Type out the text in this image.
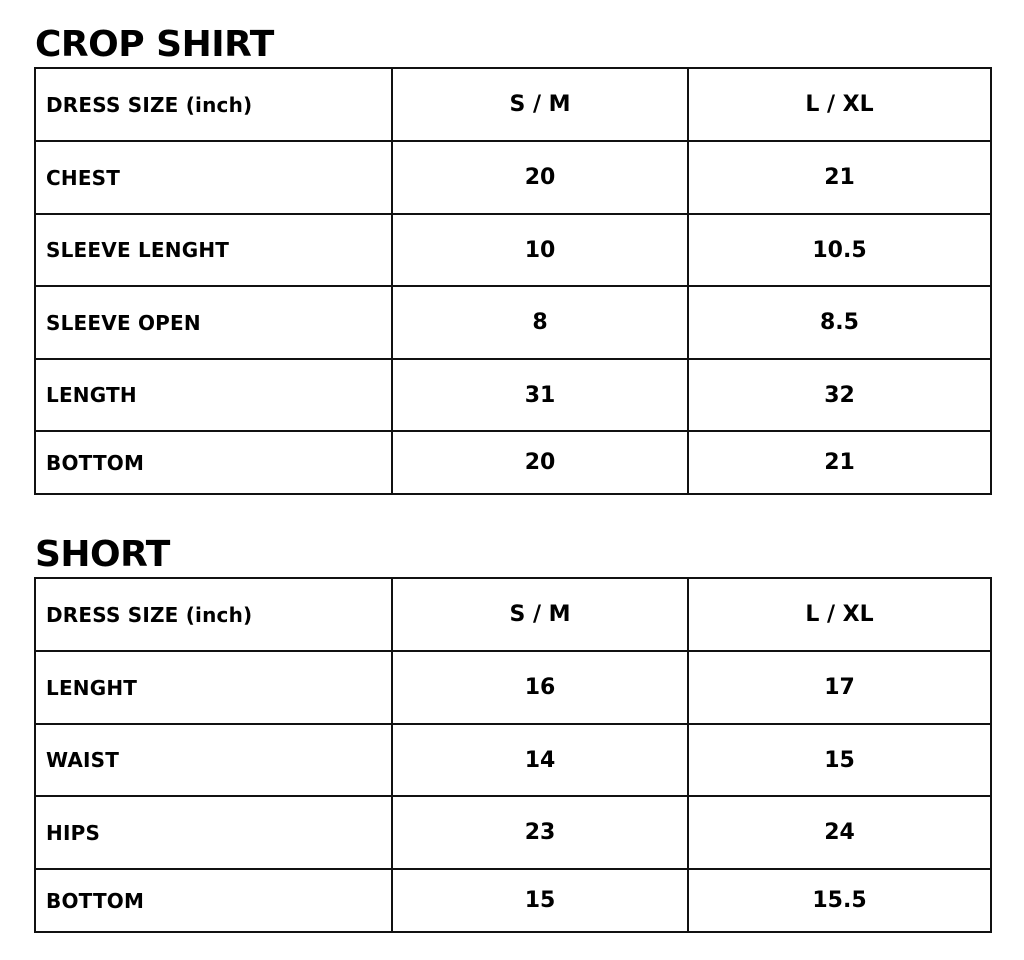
CROP SHIRT
DRESS SIZE (inch)	S / M	L / XL
CHEST	20	21
SLEEVE LENGHT	10	10.5
SLEEVE OPEN	8	8.5
LENGTH	31	32
BOTTOM	20	21
SHORT
DRESS SIZE (inch)	S / M	L / XL
LENGHT	16	17
WAIST	14	15
HIPS	23	24
BOTTOM	15	15.5
